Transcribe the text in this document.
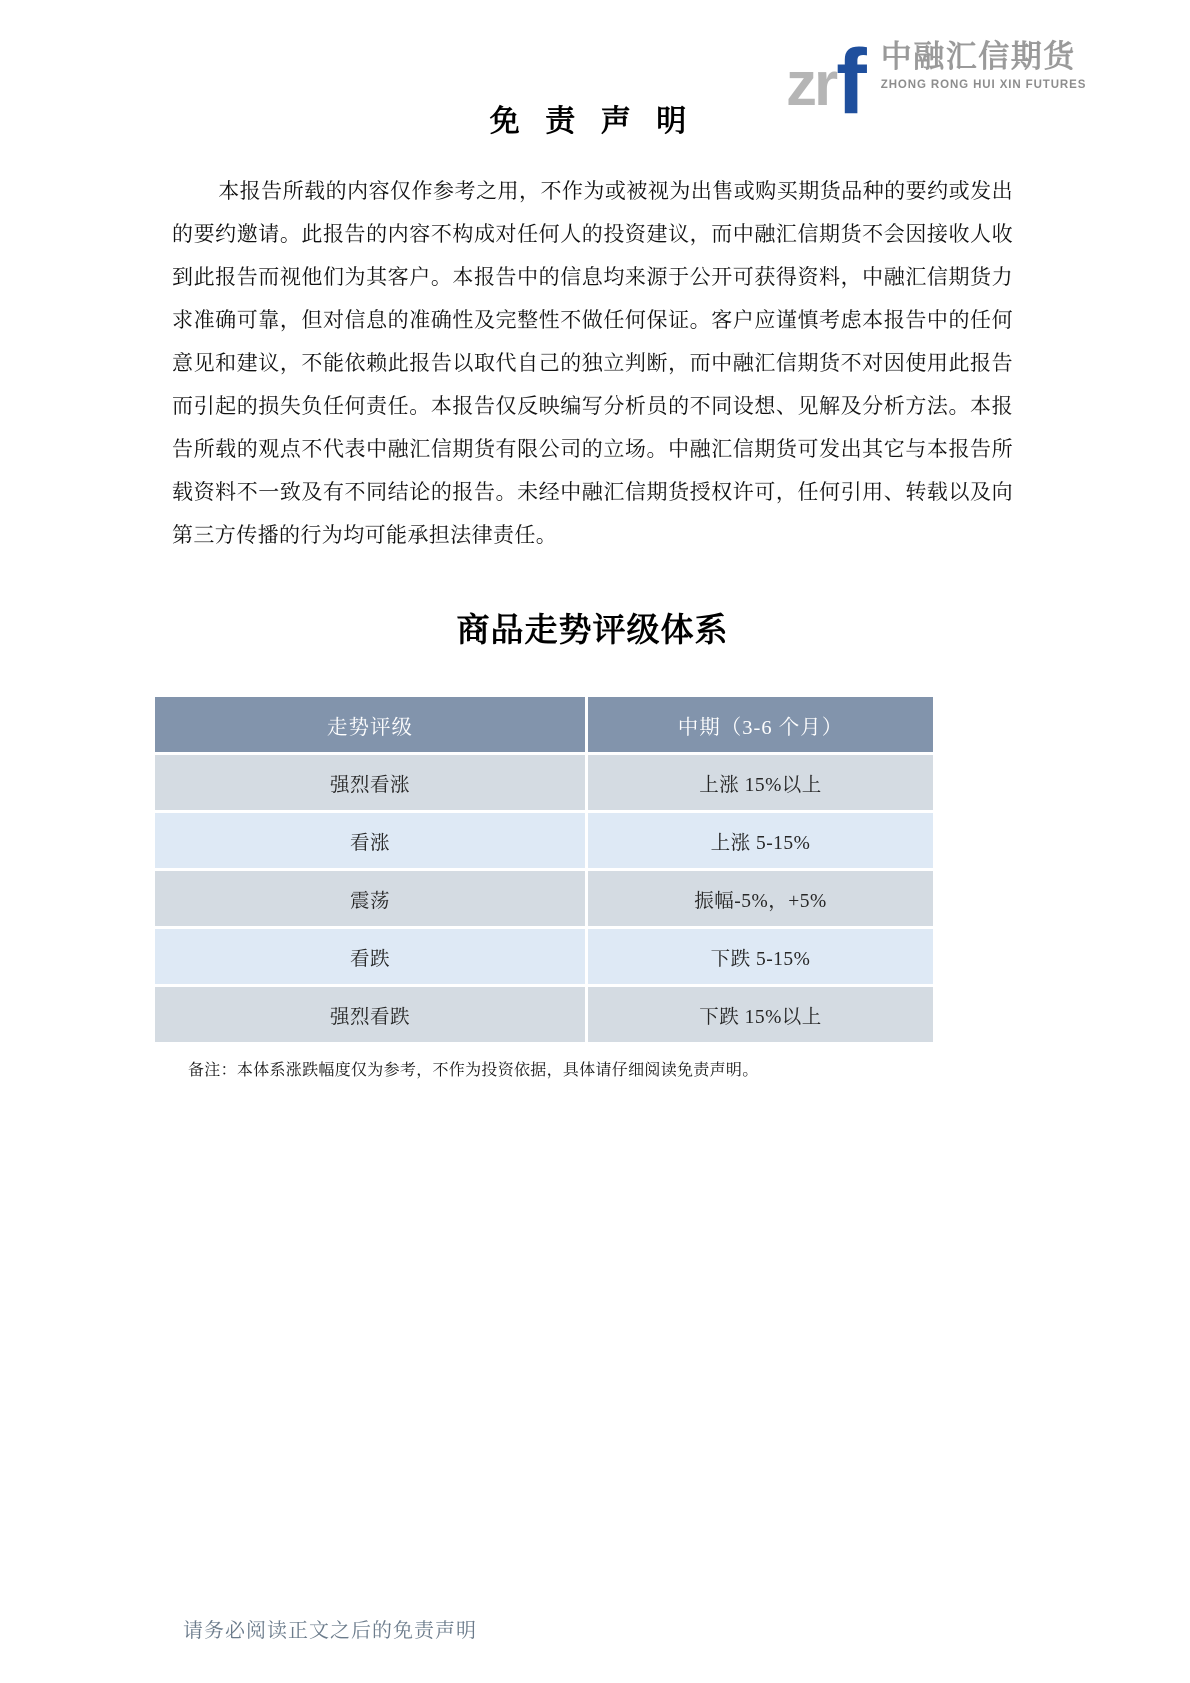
zr f 中融汇信期货
ZHONG RONG HUI XIN FUTURES
免 责 声 明
本报告所载的内容仅作参考之用，不作为或被视为出售或购买期货品种的要约或发出的要约邀请。此报告的内容不构成对任何人的投资建议，而中融汇信期货不会因接收人收到此报告而视他们为其客户。本报告中的信息均来源于公开可获得资料，中融汇信期货力求准确可靠，但对信息的准确性及完整性不做任何保证。客户应谨慎考虑本报告中的任何意见和建议，不能依赖此报告以取代自己的独立判断，而中融汇信期货不对因使用此报告而引起的损失负任何责任。本报告仅反映编写分析员的不同设想、见解及分析方法。本报告所载的观点不代表中融汇信期货有限公司的立场。中融汇信期货可发出其它与本报告所载资料不一致及有不同结论的报告。未经中融汇信期货授权许可，任何引用、转载以及向第三方传播的行为均可能承担法律责任。
商品走势评级体系
走势评级	中期（3-6 个月）
强烈看涨	上涨 15%以上
看涨	上涨 5-15%
震荡	振幅-5%，+5%
看跌	下跌 5-15%
强烈看跌	下跌 15%以上
备注：本体系涨跌幅度仅为参考，不作为投资依据，具体请仔细阅读免责声明。
请务必阅读正文之后的免责声明
